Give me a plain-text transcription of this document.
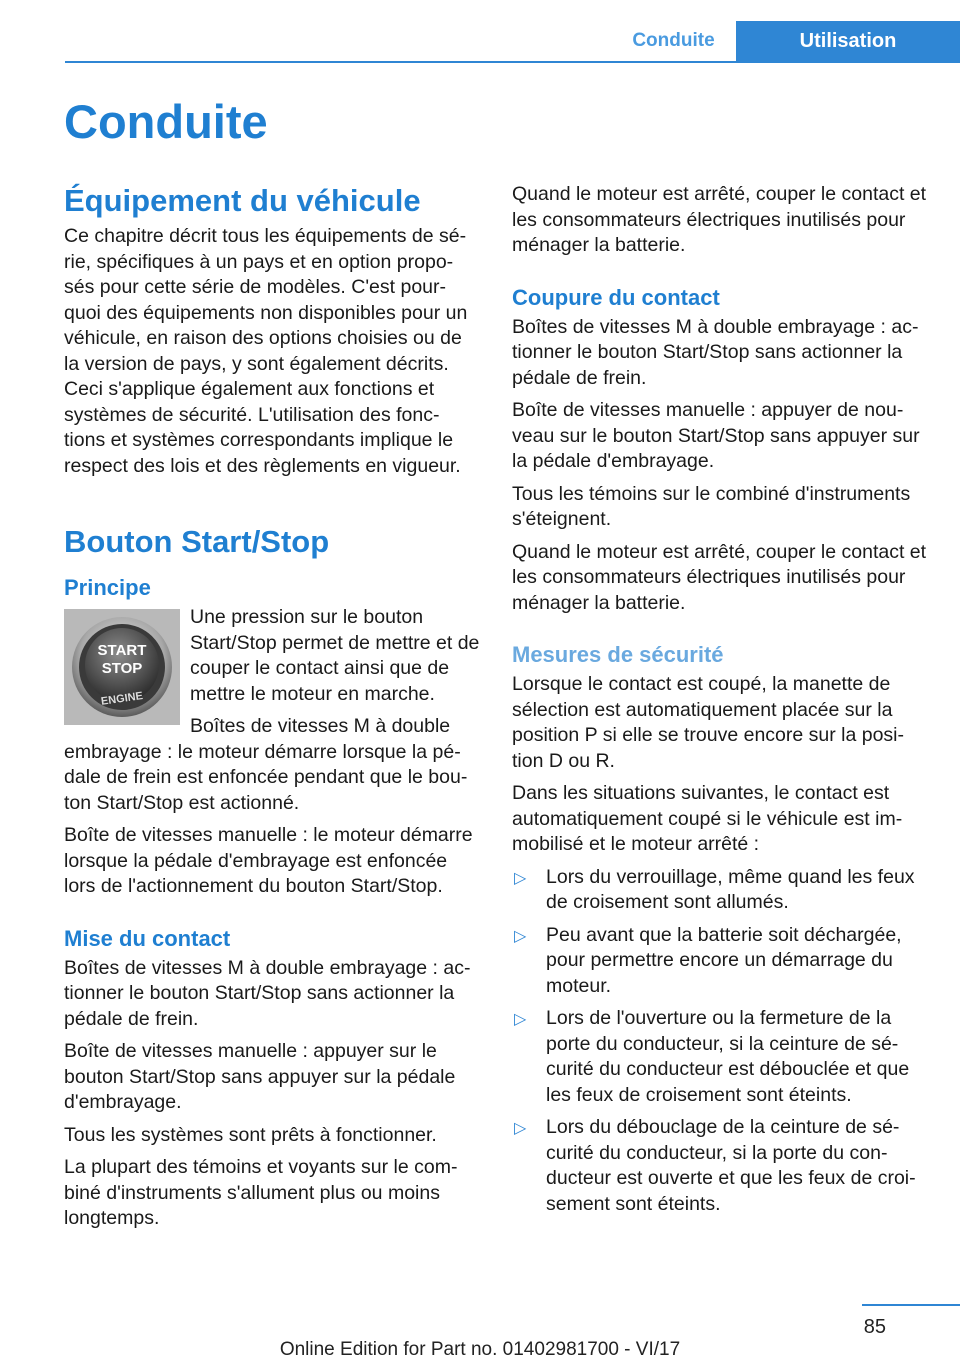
Conduite	Utilisation
Conduite
Équipement du véhicule

Ce chapitre décrit tous les équipements de sé‐rie, spécifiques à un pays et en option propo‐sés pour cette série de modèles. C'est pour‐quoi des équipements non disponibles pour un véhicule, en raison des options choisies ou de la version de pays, y sont également décrits. Ceci s'applique également aux fonctions et systèmes de sécurité. L'utilisation des fonc‐tions et systèmes correspondants implique le respect des lois et des règlements en vigueur.

Bouton Start/Stop
Principe
START
STOP
ENGINE

Une pression sur le bouton Start/Stop permet de mettre et de couper le contact ainsi que de mettre le moteur en marche.

Boîtes de vitesses M à double embrayage : le moteur démarre lorsque la pé‐dale de frein est enfoncée pendant que le bou‐ton Start/Stop est actionné.

Boîte de vitesses manuelle : le moteur démarre lorsque la pédale d'embrayage est enfoncée lors de l'actionnement du bouton Start/Stop.

Mise du contact

Boîtes de vitesses M à double embrayage : ac‐tionner le bouton Start/Stop sans actionner la pédale de frein.

Boîte de vitesses manuelle : appuyer sur le bouton Start/Stop sans appuyer sur la pédale d'embrayage.

Tous les systèmes sont prêts à fonctionner.

La plupart des témoins et voyants sur le com‐biné d'instruments s'allument plus ou moins longtemps.

Quand le moteur est arrêté, couper le contact et les consommateurs électriques inutilisés pour ménager la batterie.

Coupure du contact

Boîtes de vitesses M à double embrayage : ac‐tionner le bouton Start/Stop sans actionner la pédale de frein.

Boîte de vitesses manuelle : appuyer de nou‐veau sur le bouton Start/Stop sans appuyer sur la pédale d'embrayage.

Tous les témoins sur le combiné d'instruments s'éteignent.

Quand le moteur est arrêté, couper le contact et les consommateurs électriques inutilisés pour ménager la batterie.

Mesures de sécurité

Lorsque le contact est coupé, la manette de sélection est automatiquement placée sur la position P si elle se trouve encore sur la posi‐tion D ou R.

Dans les situations suivantes, le contact est automatiquement coupé si le véhicule est im‐mobilisé et le moteur arrêté :

▷ Lors du verrouillage, même quand les feux de croisement sont allumés.
▷ Peu avant que la batterie soit déchargée, pour permettre encore un démarrage du moteur.
▷ Lors de l'ouverture ou la fermeture de la porte du conducteur, si la ceinture de sé‐curité du conducteur est débouclée et que les feux de croisement sont éteints.
▷ Lors du débouclage de la ceinture de sé‐curité du conducteur, si la porte du con‐ducteur est ouverte et que les feux de croi‐sement sont éteints.
85
Online Edition for Part no. 01402981700 - VI/17
